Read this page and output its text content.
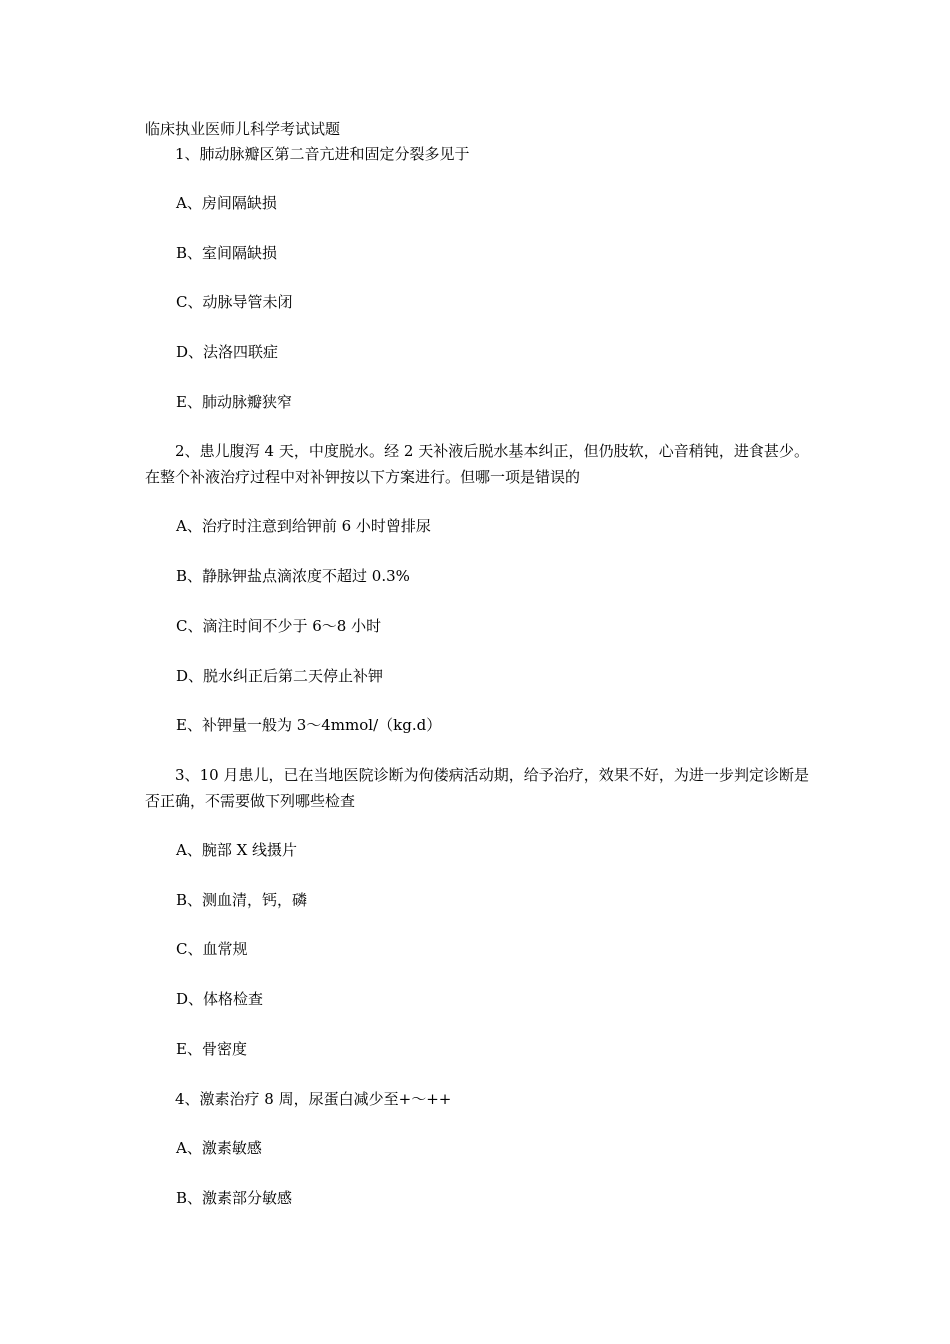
临床执业医师儿科学考试试题
1、肺动脉瓣区第二音亢进和固定分裂多见于
A、房间隔缺损
B、室间隔缺损
C、动脉导管未闭
D、法洛四联症
E、肺动脉瓣狭窄
2、患儿腹泻 4 天，中度脱水。经 2 天补液后脱水基本纠正，但仍肢软，心音稍钝，进食甚少。在整个补液治疗过程中对补钾按以下方案进行。但哪一项是错误的
A、治疗时注意到给钾前 6 小时曾排尿
B、静脉钾盐点滴浓度不超过 0.3%
C、滴注时间不少于 6～8 小时
D、脱水纠正后第二天停止补钾
E、补钾量一般为 3～4mmol/（kg.d）
3、10 月患儿，已在当地医院诊断为佝偻病活动期，给予治疗，效果不好，为进一步判定诊断是否正确，不需要做下列哪些检查
A、腕部 X 线摄片
B、测血清，钙，磷
C、血常规
D、体格检查
E、骨密度
4、激素治疗 8 周，尿蛋白减少至+～++
A、激素敏感
B、激素部分敏感
